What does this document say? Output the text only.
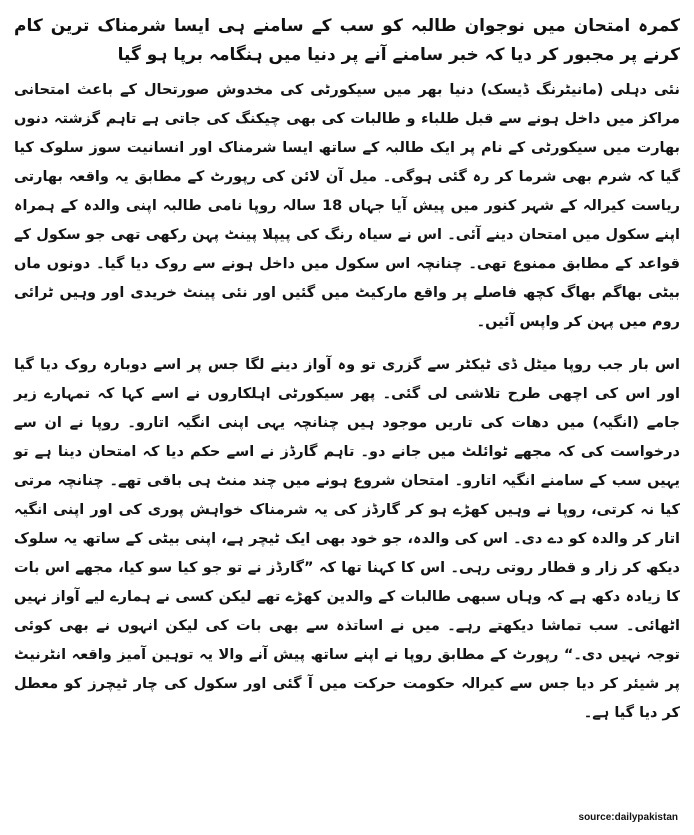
کمرہ امتحان میں نوجوان طالبہ کو سب کے سامنے ہی ایسا شرمناک ترین کام کرنے پر مجبور کر دیا کہ خبر سامنے آنے پر دنیا میں ہنگامہ برپا ہو گیا

نئی دہلی (مانیٹرنگ ڈیسک) دنیا بھر میں سیکورٹی کی مخدوش صورتحال کے باعث امتحانی مراکز میں داخل ہونے سے قبل طلباء و طالبات کی بھی چیکنگ کی جاتی ہے تاہم گزشتہ دنوں بھارت میں سیکورٹی کے نام پر ایک طالبہ کے ساتھ ایسا شرمناک اور انسانیت سوز سلوک کیا گیا کہ شرم بھی شرما کر رہ گئی ہوگی۔ میل آن لائن کی رپورٹ کے مطابق یہ واقعہ بھارتی ریاست کیرالہ کے شہر کنور میں پیش آیا جہاں 18 سالہ روپا نامی طالبہ اپنی والدہ کے ہمراہ اپنے سکول میں امتحان دینے آئی۔ اس نے سیاہ رنگ کی پیپلا پینٹ پہن رکھی تھی جو سکول کے قواعد کے مطابق ممنوع تھی۔ چنانچہ اس سکول میں داخل ہونے سے روک دیا گیا۔ دونوں ماں بیٹی بھاگم بھاگ کچھ فاصلے پر واقع مارکیٹ میں گئیں اور نئی پینٹ خریدی اور وہیں ٹرائی روم میں پہن کر واپس آئیں۔

اس بار جب روپا میٹل ڈی ٹیکٹر سے گزری تو وہ آواز دینے لگا جس پر اسے دوبارہ روک دیا گیا اور اس کی اچھی طرح تلاشی لی گئی۔ پھر سیکورٹی اہلکاروں نے اسے کہا کہ تمہارے زیر جامے (انگیہ) میں دھات کی تاریں موجود ہیں چنانچہ یہی اپنی انگیہ اتارو۔ روپا نے ان سے درخواست کی کہ مجھے ٹوائلٹ میں جانے دو۔ تاہم گارڈز نے اسے حکم دیا کہ امتحان دینا ہے تو یہیں سب کے سامنے انگیہ اتارو۔ امتحان شروع ہونے میں چند منٹ ہی باقی تھے۔ چنانچہ مرتی کیا نہ کرتی، روپا نے وہیں کھڑے ہو کر گارڈز کی یہ شرمناک خواہش پوری کی اور اپنی انگیہ اتار کر والدہ کو دے دی۔ اس کی والدہ، جو خود بھی ایک ٹیچر ہے، اپنی بیٹی کے ساتھ یہ سلوک دیکھ کر زار و قطار روتی رہی۔ اس کا کہنا تھا کہ ”گارڈز نے تو جو کیا سو کیا، مجھے اس بات کا زیادہ دکھ ہے کہ وہاں سبھی طالبات کے والدین کھڑے تھے لیکن کسی نے ہمارے لیے آواز نہیں اٹھائی۔ سب تماشا دیکھتے رہے۔ میں نے اساتذہ سے بھی بات کی لیکن انہوں نے بھی کوئی توجہ نہیں دی۔“ رپورٹ کے مطابق روپا نے اپنے ساتھ پیش آنے والا یہ توہین آمیز واقعہ انٹرنیٹ پر شیئر کر دیا جس سے کیرالہ حکومت حرکت میں آ گئی اور سکول کی چار ٹیچرز کو معطل کر دیا گیا ہے۔

source:dailypakistan
